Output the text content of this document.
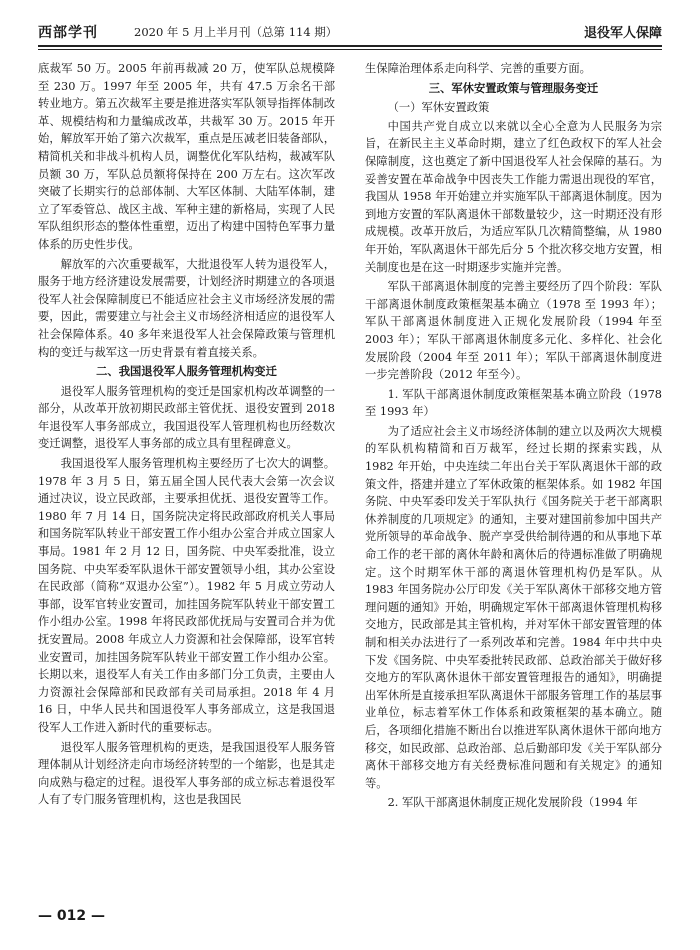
西部学刊	2020 年 5 月上半月刊（总第 114 期）	退役军人保障

底裁军 50 万。2005 年前再裁减 20 万，使军队总规模降至 230 万。1997 年至 2005 年，共有 47.5 万余名干部转业地方。第五次裁军主要是推进落实军队领导指挥体制改革、规模结构和力量编成改革，共裁军 30 万。2015 年开始，解放军开始了第六次裁军，重点是压减老旧装备部队，精简机关和非战斗机构人员，调整优化军队结构，裁减军队员额 30 万，军队总员额将保持在 200 万左右。这次军改突破了长期实行的总部体制、大军区体制、大陆军体制，建立了军委管总、战区主战、军种主建的新格局，实现了人民军队组织形态的整体性重塑，迈出了构建中国特色军事力量体系的历史性步伐。

解放军的六次重要裁军，大批退役军人转为退役军人，服务于地方经济建设发展需要，计划经济时期建立的各项退役军人社会保障制度已不能适应社会主义市场经济发展的需要，因此，需要建立与社会主义市场经济相适应的退役军人社会保障体系。40 多年来退役军人社会保障政策与管理机构的变迁与裁军这一历史背景有着直接关系。

二、我国退役军人服务管理机构变迁

退役军人服务管理机构的变迁是国家机构改革调整的一部分，从改革开放初期民政部主管优抚、退役安置到 2018 年退役军人事务部成立，我国退役军人管理机构也历经数次变迁调整，退役军人事务部的成立具有里程碑意义。

我国退役军人服务管理机构主要经历了七次大的调整。1978 年 3 月 5 日，第五届全国人民代表大会第一次会议通过决议，设立民政部，主要承担优抚、退役安置等工作。1980 年 7 月 14 日，国务院决定将民政部政府机关人事局和国务院军队转业干部安置工作小组办公室合并成立国家人事局。1981 年 2 月 12 日，国务院、中央军委批准，设立国务院、中央军委军队退休干部安置领导小组，其办公室设在民政部（简称“双退办公室”）。1982 年 5 月成立劳动人事部，设军官转业安置司，加挂国务院军队转业干部安置工作小组办公室。1998 年将民政部优抚局与安置司合并为优抚安置局。2008 年成立人力资源和社会保障部，设军官转业安置司，加挂国务院军队转业干部安置工作小组办公室。长期以来，退役军人有关工作由多部门分工负责，主要由人力资源社会保障部和民政部有关司局承担。2018 年 4 月 16 日，中华人民共和国退役军人事务部成立，这是我国退役军人工作进入新时代的重要标志。

退役军人服务管理机构的更迭，是我国退役军人服务管理体制从计划经济走向市场经济转型的一个缩影，也是其走向成熟与稳定的过程。退役军人事务部的成立标志着退役军人有了专门服务管理机构，这也是我国民

生保障治理体系走向科学、完善的重要方面。

三、军休安置政策与管理服务变迁
（一）军休安置政策

中国共产党自成立以来就以全心全意为人民服务为宗旨，在新民主主义革命时期，建立了红色政权下的军人社会保障制度，这也奠定了新中国退役军人社会保障的基石。为妥善安置在革命战争中因丧失工作能力需退出现役的军官，我国从 1958 年开始建立并实施军队干部离退休制度。因为到地方安置的军队离退休干部数量较少，这一时期还没有形成规模。改革开放后，为适应军队几次精简整编，从 1980 年开始，军队离退休干部先后分 5 个批次移交地方安置，相关制度也是在这一时期逐步实施并完善。

军队干部离退休制度的完善主要经历了四个阶段：军队干部离退休制度政策框架基本确立（1978 至 1993 年）；军队干部离退休制度进入正规化发展阶段（1994 年至 2003 年）；军队干部离退休制度多元化、多样化、社会化发展阶段（2004 年至 2011 年）；军队干部离退休制度进一步完善阶段（2012 年至今）。

1. 军队干部离退休制度政策框架基本确立阶段（1978 至 1993 年）

为了适应社会主义市场经济体制的建立以及两次大规模的军队机构精简和百万裁军，经过长期的探索实践，从 1982 年开始，中央连续二年出台关于军队离退休干部的政策文件，搭建并建立了军休政策的框架体系。如 1982 年国务院、中央军委印发关于军队执行《国务院关于老干部离职休养制度的几项规定》的通知，主要对建国前参加中国共产党所领导的革命战争、脱产享受供给制待遇的和从事地下革命工作的老干部的离休年龄和离休后的待遇标准做了明确规定。这个时期军休干部的离退休管理机构仍是军队。从 1983 年国务院办公厅印发《关于军队离休干部移交地方管理问题的通知》开始，明确规定军休干部离退休管理机构移交地方，民政部是其主管机构，并对军休干部安置管理的体制和相关办法进行了一系列改革和完善。1984 年中共中央下发《国务院、中央军委批转民政部、总政治部关于做好移交地方的军队离休退休干部安置管理报告的通知》，明确提出军休所是直接承担军队离退休干部服务管理工作的基层事业单位，标志着军休工作体系和政策框架的基本确立。随后，各项细化措施不断出台以推进军队离休退休干部向地方移交，如民政部、总政治部、总后勤部印发《关于军队部分离休干部移交地方有关经费标准问题和有关规定》的通知等。

2. 军队干部离退休制度正规化发展阶段（1994 年
— 012 —
